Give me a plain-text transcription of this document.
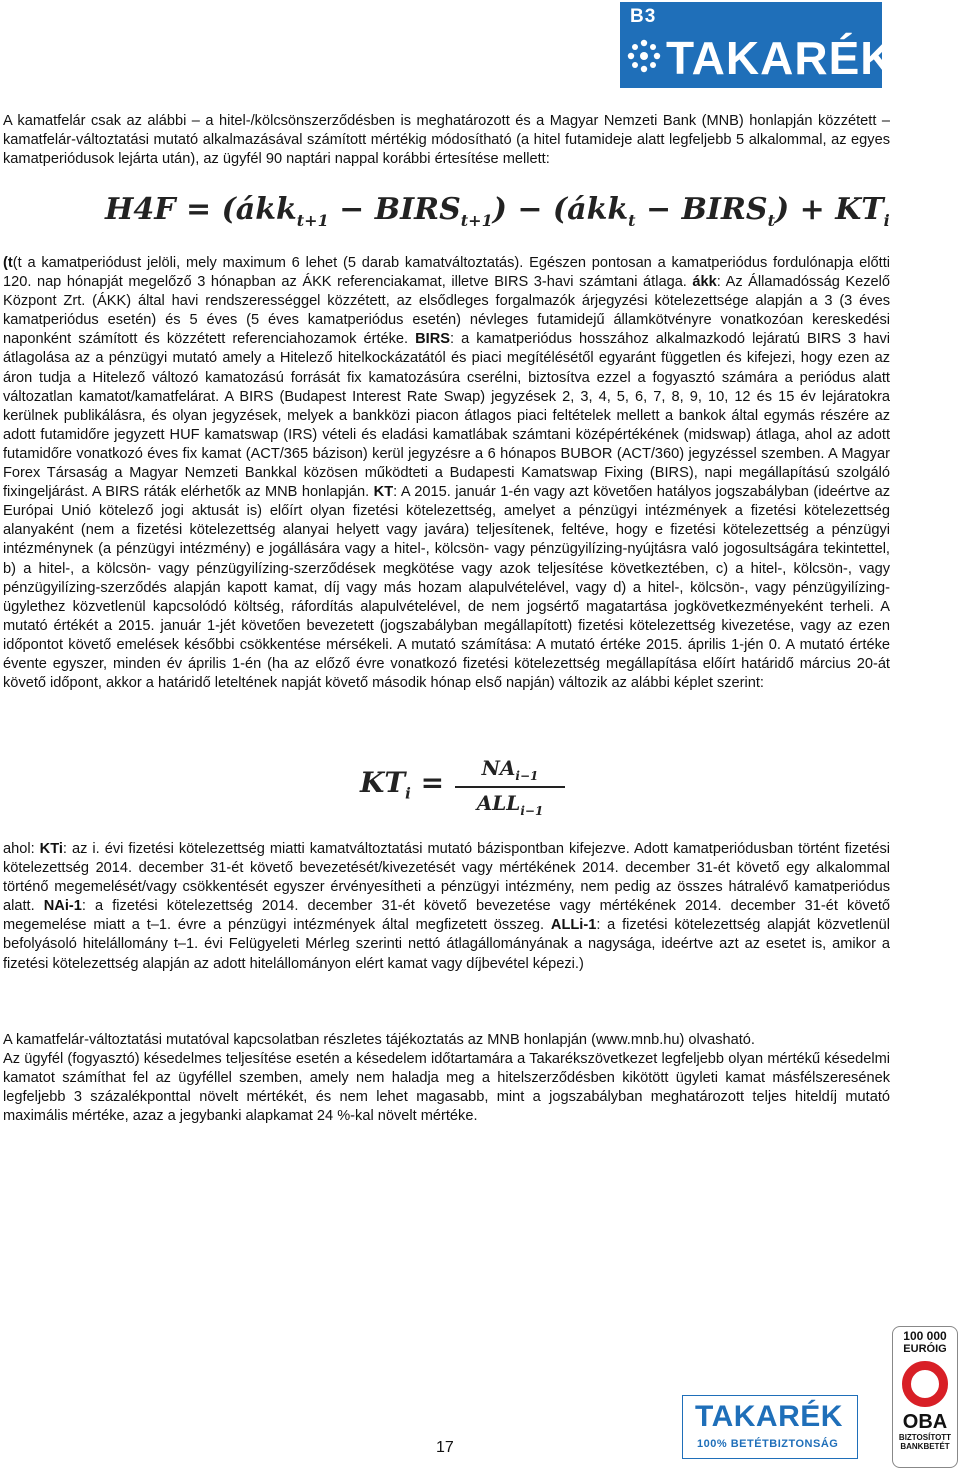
B3
TAKARÉK

A kamatfelár csak az alábbi – a hitel-/kölcsönszerződésben is meghatározott és a Magyar Nemzeti Bank (MNB) honlapján közzétett – kamatfelár-változtatási mutató alkalmazásával számított mértékig módosítható (a hitel futamideje alatt legfeljebb 5 alkalommal, az egyes kamatperiódusok lejárta után), az ügyfél 90 naptári nappal korábbi értesítése mellett:

H4F = (ákk$_{t+1}$ − $BIRS_{t+1}$) − (ákk$_t$ − $BIRS_t) + KT_i$

(t(t a kamatperiódust jelöli, mely maximum 6 lehet (5 darab kamatváltoztatás). Egészen pontosan a kamatperiódus fordulónapja előtti 120. nap hónapját megelőző 3 hónapban az ÁKK referenciakamat, illetve BIRS 3-havi számtani átlaga. ákk: Az Államadósság Kezelő Központ Zrt. (ÁKK) által havi rendszerességgel közzétett, az elsődleges forgalmazók árjegyzési kötelezettsége alapján a 3 (3 éves kamatperiódus esetén) és 5 éves (5 éves kamatperiódus esetén) névleges futamidejű államkötvényre vonatkozóan kereskedési naponként számított és közzétett referenciahozamok értéke. BIRS: a kamatperiódus hosszához alkalmazkodó lejáratú BIRS 3 havi átlagolása az a pénzügyi mutató amely a Hitelező hitelkockázatától és piaci megítélésétől egyaránt független és kifejezi, hogy ezen az áron tudja a Hitelező változó kamatozású forrását fix kamatozásúra cserélni, biztosítva ezzel a fogyasztó számára a periódus alatt változatlan kamatot/kamatfelárat. A BIRS (Budapest Interest Rate Swap) jegyzések 2, 3, 4, 5, 6, 7, 8, 9, 10, 12 és 15 év lejáratokra kerülnek publikálásra, és olyan jegyzések, melyek a bankközi piacon átlagos piaci feltételek mellett a bankok által egymás részére az adott futamidőre jegyzett HUF kamatswap (IRS) vételi és eladási kamatlábak számtani középértékének (midswap) átlaga, ahol az adott futamidőre vonatkozó éves fix kamat (ACT/365 bázison) kerül jegyzésre a 6 hónapos BUBOR (ACT/360) jegyzéssel szemben. A Magyar Forex Társaság a Magyar Nemzeti Bankkal közösen működteti a Budapesti Kamatswap Fixing (BIRS), napi megállapítású szolgáló fixingeljárást. A BIRS ráták elérhetők az MNB honlapján. KT: A 2015. január 1-én vagy azt követően hatályos jogszabályban (ideértve az Európai Unió kötelező jogi aktusát is) előírt olyan fizetési kötelezettség, amelyet a pénzügyi intézmények a fizetési kötelezettség alanyaként (nem a fizetési kötelezettség alanyai helyett vagy javára) teljesítenek, feltéve, hogy e fizetési kötelezettség a pénzügyi intézménynek (a pénzügyi intézmény) e jogállására vagy a hitel-, kölcsön- vagy pénzügyilízing-nyújtásra való jogosultságára tekintettel, b) a hitel-, a kölcsön- vagy pénzügyilízing-szerződések megkötése vagy azok teljesítése következtében, c) a hitel-, kölcsön-, vagy pénzügyilízing-szerződés alapján kapott kamat, díj vagy más hozam alapulvételével, vagy d) a hitel-, kölcsön-, vagy pénzügyilízing-ügylethez közvetlenül kapcsolódó költség, ráfordítás alapulvételével, de nem jogsértő magatartása jogkövetkezményeként terheli. A mutató értékét a 2015. január 1-jét követően bevezetett (jogszabályban megállapított) fizetési kötelezettség kivezetése, vagy az ezen időpontot követő emelések későbbi csökkentése mérsékeli. A mutató számítása: A mutató értéke 2015. április 1-jén 0. A mutató értéke évente egyszer, minden év április 1-én (ha az előző évre vonatkozó fizetési kötelezettség megállapítása előírt határidő március 20-át követő időpont, akkor a határidő leteltének napját követő második hónap első napján) változik az alábbi képlet szerint:

$KT_i$ =	$NA_{i-1}$
$ALL_{i-1}$

ahol: KTi: az i. évi fizetési kötelezettség miatti kamatváltoztatási mutató bázispontban kifejezve. Adott kamatperiódusban történt fizetési kötelezettség 2014. december 31-ét követő bevezetését/kivezetését vagy mértékének 2014. december 31-ét követő egy alkalommal történő megemelését/vagy csökkentését egyszer érvényesítheti a pénzügyi intézmény, nem pedig az összes hátralévő kamatperiódus alatt. NAi-1: a fizetési kötelezettség 2014. december 31-ét követő bevezetése vagy mértékének 2014. december 31-ét követő megemelése miatt a t–1. évre a pénzügyi intézmények által megfizetett összeg. ALLi-1: a fizetési kötelezettség alapját közvetlenül befolyásoló hitelállomány t–1. évi Felügyeleti Mérleg szerinti nettó átlagállományának a nagysága, ideértve azt az esetet is, amikor a fizetési kötelezettség alapján az adott hitelállományon elért kamat vagy díjbevétel képezi.)

A kamatfelár-változtatási mutatóval kapcsolatban részletes tájékoztatás az MNB honlapján (www.mnb.hu) olvasható.

Az ügyfél (fogyasztó) késedelmes teljesítése esetén a késedelem időtartamára a Takarékszövetkezet legfeljebb olyan mértékű késedelmi kamatot számíthat fel az ügyféllel szemben, amely nem haladja meg a hitelszerződésben kikötött ügyleti kamat másfélszeresének legfeljebb 3 százalékponttal növelt mértékét, és nem lehet magasabb, mint a jogszabályban meghatározott teljes hiteldíj mutató maximális mértéke, azaz a jegybanki alapkamat 24 %-kal növelt mértéke.

17
TAKARÉK
100% BETÉTBIZTONSÁG
100 000
EURÓIG
OBA
BIZTOSÍTOTT
BANKBETÉT
